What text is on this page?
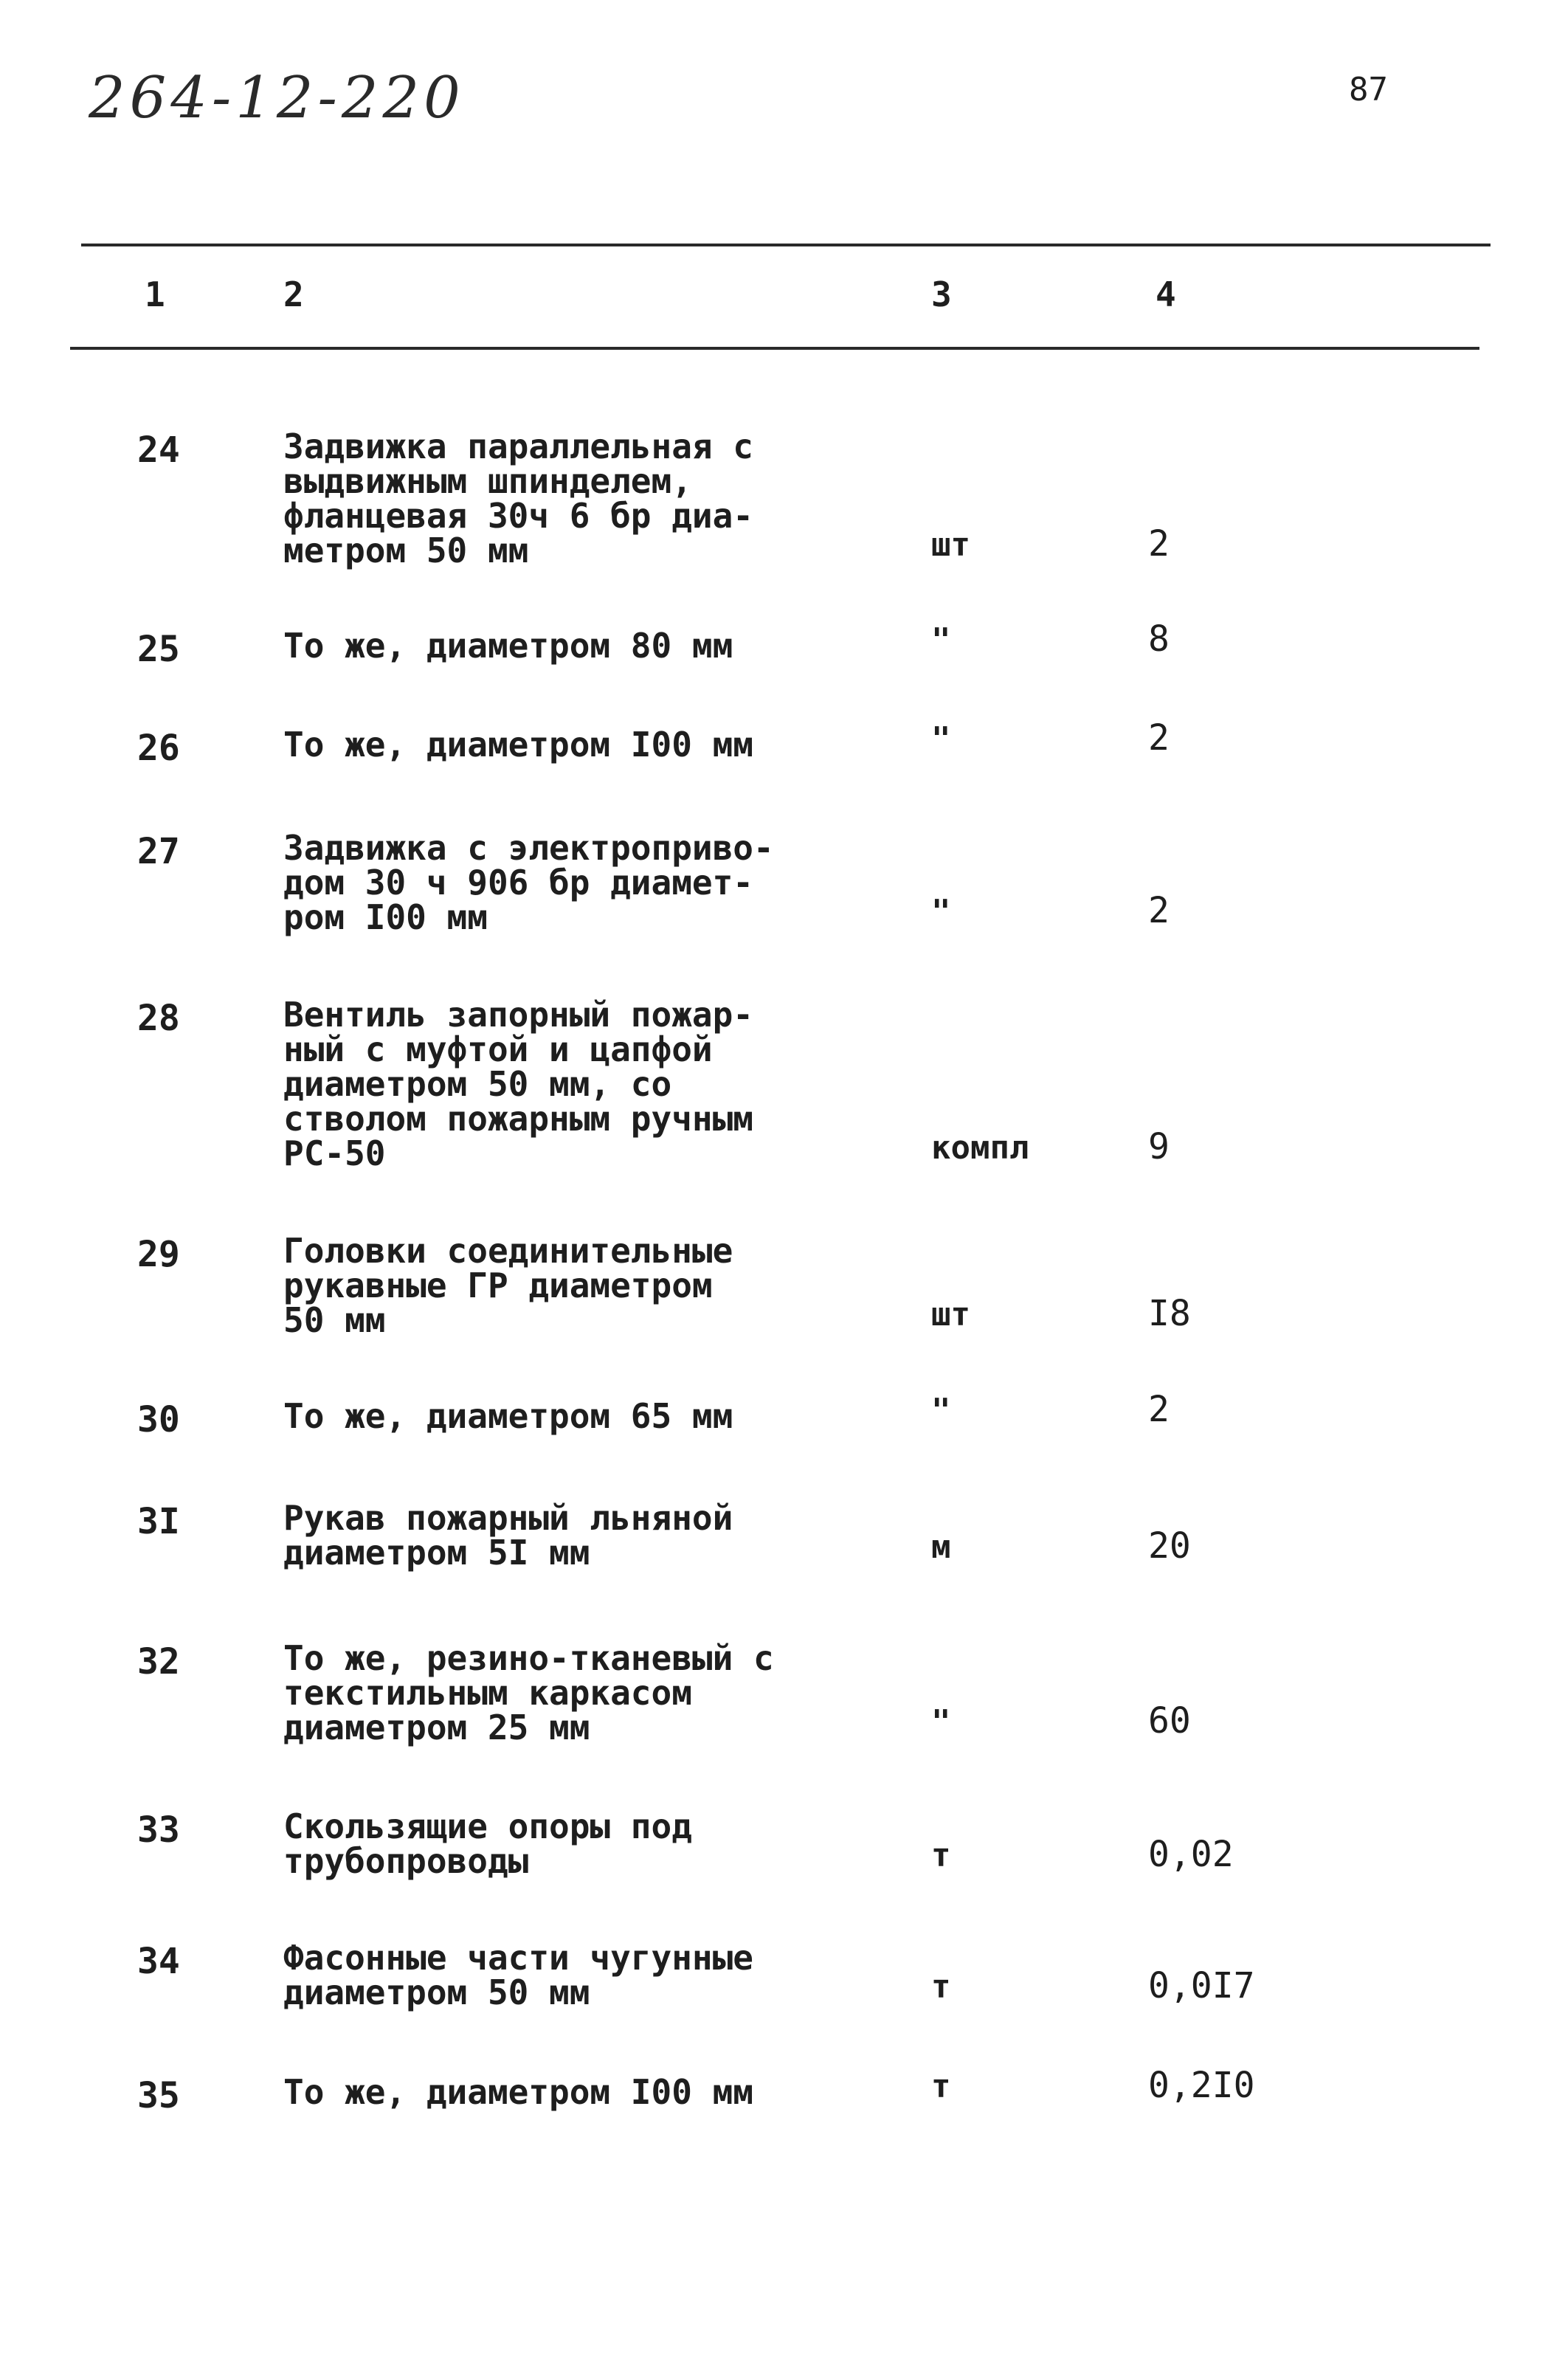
264-12-220	87
1	2	3	4
24	Задвижка параллельная с
выдвижным шпинделем,
фланцевая 30ч 6 бр диа-
метром 50 мм	шт	2
25	То же, диаметром 80 мм	"	8
26	То же, диаметром I00 мм	"	2
27	Задвижка с электроприво-
дом 30 ч 906 бр диамет-
ром I00 мм	"	2
28	Вентиль запорный пожар-
ный с муфтой и цапфой
диаметром 50 мм, со
стволом пожарным ручным
РС-50	компл	9
29	Головки соединительные
рукавные ГР диаметром
50 мм	шт	I8
30	То же, диаметром 65 мм	"	2
3I	Рукав пожарный льняной
диаметром 5I мм	м	20
32	То же, резино-тканевый с
текстильным каркасом
диаметром 25 мм	"	60
33	Скользящие опоры под
трубопроводы	т	0,02
34	Фасонные части чугунные
диаметром 50 мм	т	0,0I7
35	То же, диаметром I00 мм	т	0,2I0
